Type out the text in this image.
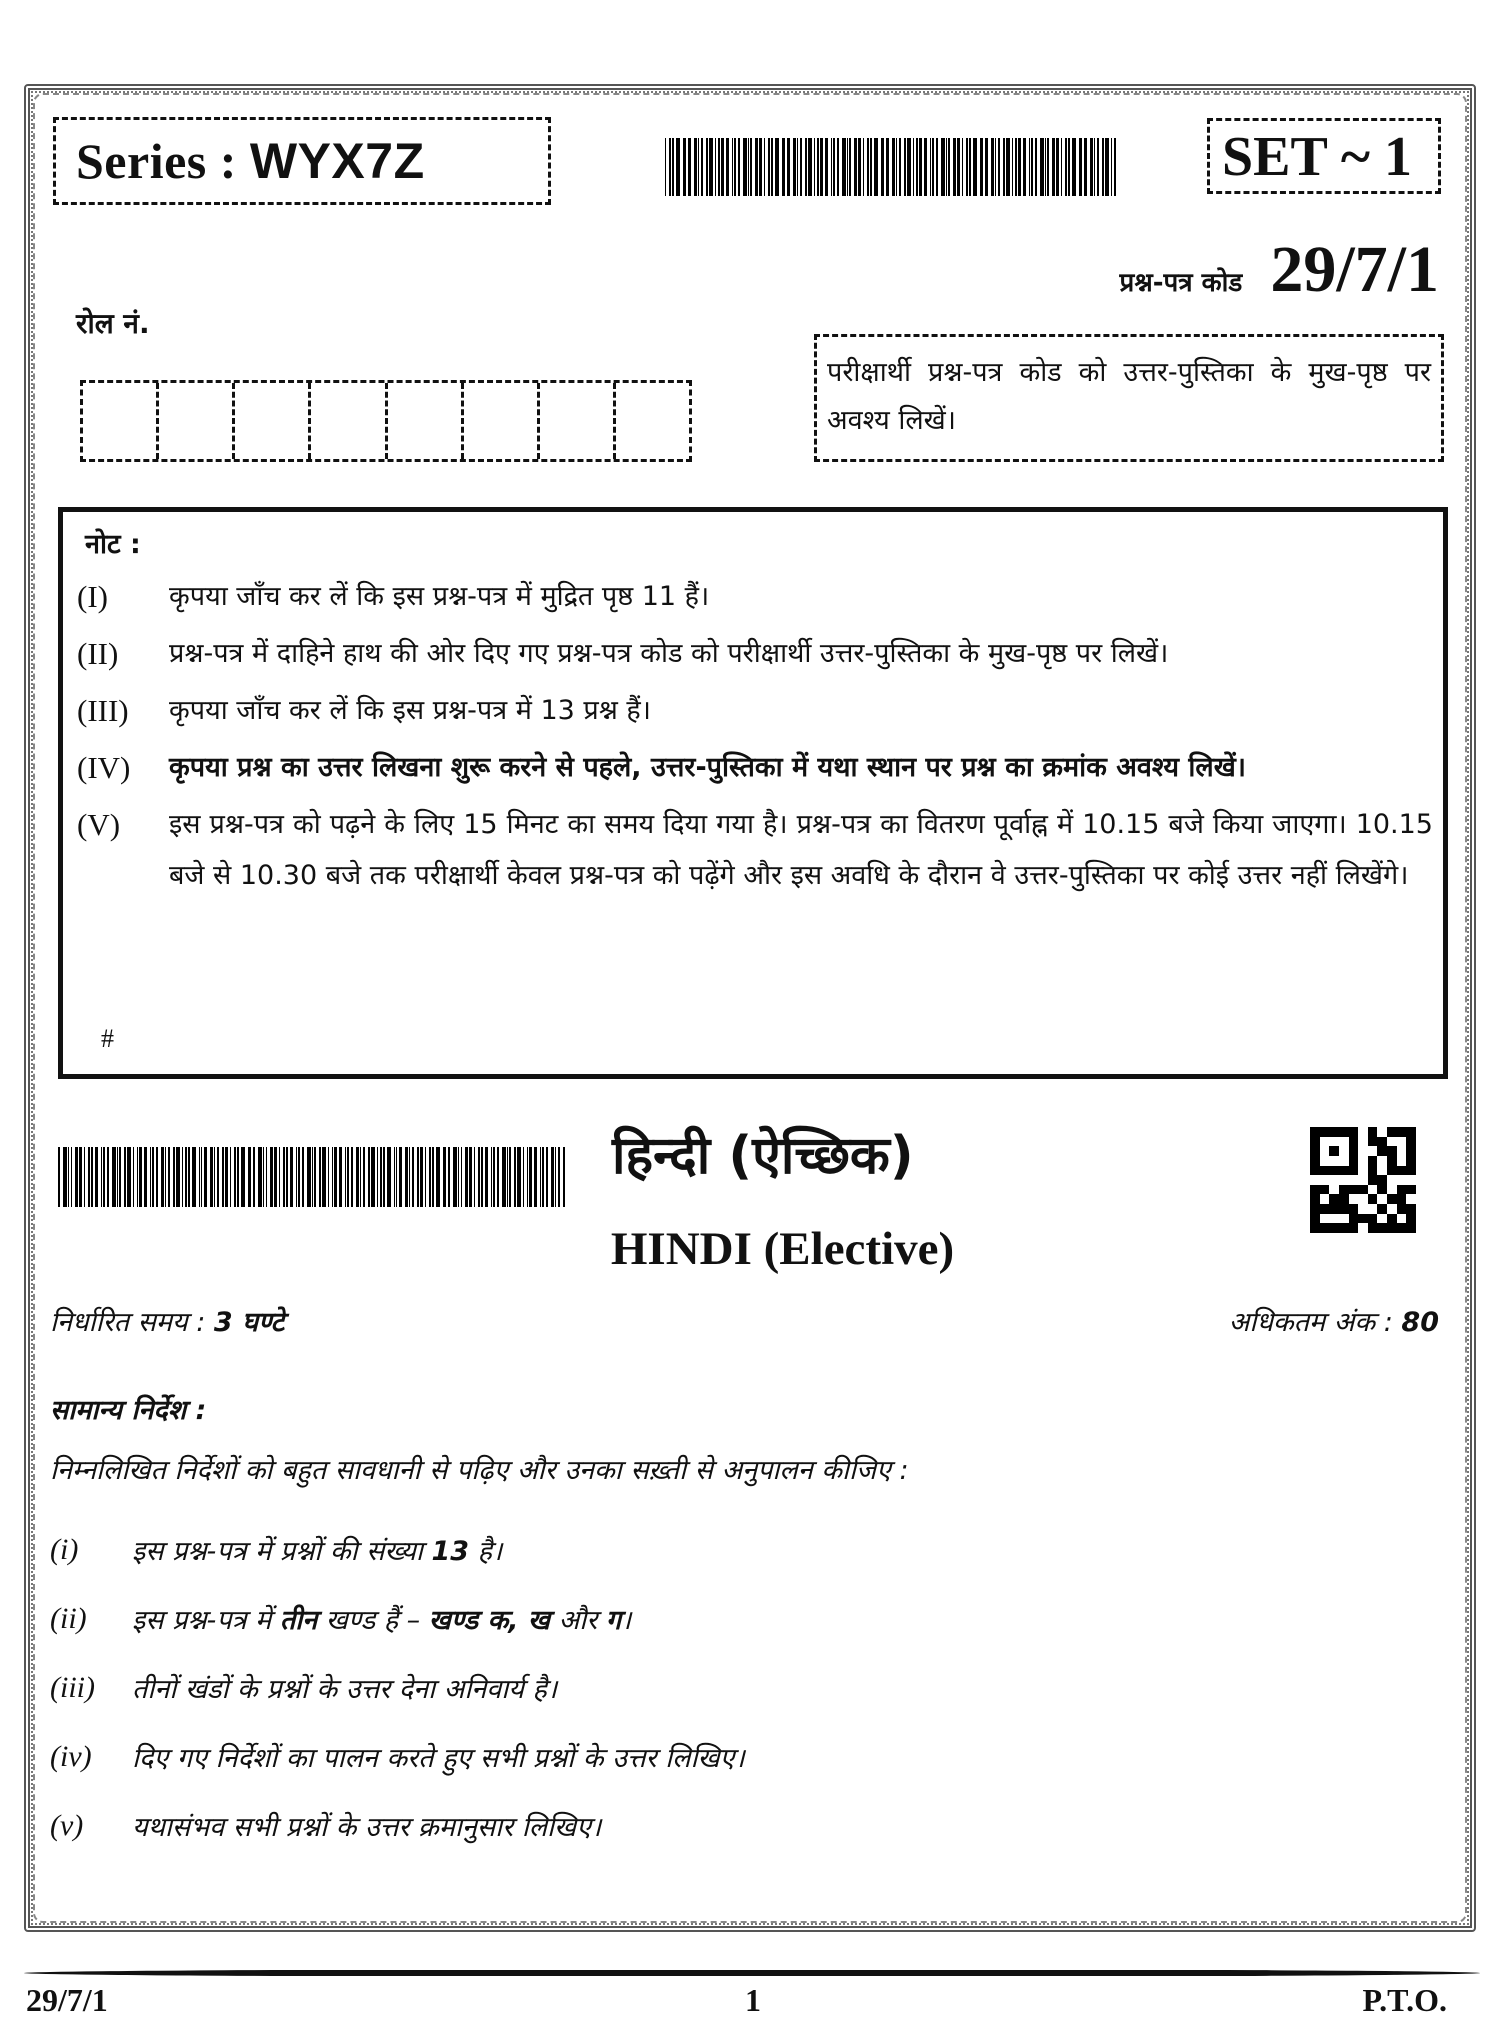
Series : WYX7Z	SET ~ 1
प्रश्न-पत्र कोड 29/7/1
रोल नं.
परीक्षार्थी प्रश्न-पत्र कोड को उत्तर-पुस्तिका के मुख-पृष्ठ पर अवश्य लिखें।
नोट :
(I)	कृपया जाँच कर लें कि इस प्रश्न-पत्र में मुद्रित पृष्ठ 11 हैं।
(II)	प्रश्न-पत्र में दाहिने हाथ की ओर दिए गए प्रश्न-पत्र कोड को परीक्षार्थी उत्तर-पुस्तिका के मुख-पृष्ठ पर लिखें।
(III)	कृपया जाँच कर लें कि इस प्रश्न-पत्र में 13 प्रश्न हैं।
(IV)	कृपया प्रश्न का उत्तर लिखना शुरू करने से पहले, उत्तर-पुस्तिका में यथा स्थान पर प्रश्न का क्रमांक अवश्य लिखें।
(V)	इस प्रश्न-पत्र को पढ़ने के लिए 15 मिनट का समय दिया गया है। प्रश्न-पत्र का वितरण पूर्वाह्न में 10.15 बजे किया जाएगा। 10.15 बजे से 10.30 बजे तक परीक्षार्थी केवल प्रश्न-पत्र को पढ़ेंगे और इस अवधि के दौरान वे उत्तर-पुस्तिका पर कोई उत्तर नहीं लिखेंगे।
#
हिन्दी (ऐच्छिक)
HINDI (Elective)
निर्धारित समय : 3 घण्टे	अधिकतम अंक : 80
सामान्य निर्देश :
निम्नलिखित निर्देशों को बहुत सावधानी से पढ़िए और उनका सख़्ती से अनुपालन कीजिए :
(i)	इस प्रश्न-पत्र में प्रश्नों की संख्या 13 है।
(ii)	इस प्रश्न-पत्र में तीन खण्ड हैं – खण्ड क, ख और ग।
(iii)	तीनों खंडों के प्रश्नों के उत्तर देना अनिवार्य है।
(iv)	दिए गए निर्देशों का पालन करते हुए सभी प्रश्नों के उत्तर लिखिए।
(v)	यथासंभव सभी प्रश्नों के उत्तर क्रमानुसार लिखिए।
29/7/1	1	P.T.O.
